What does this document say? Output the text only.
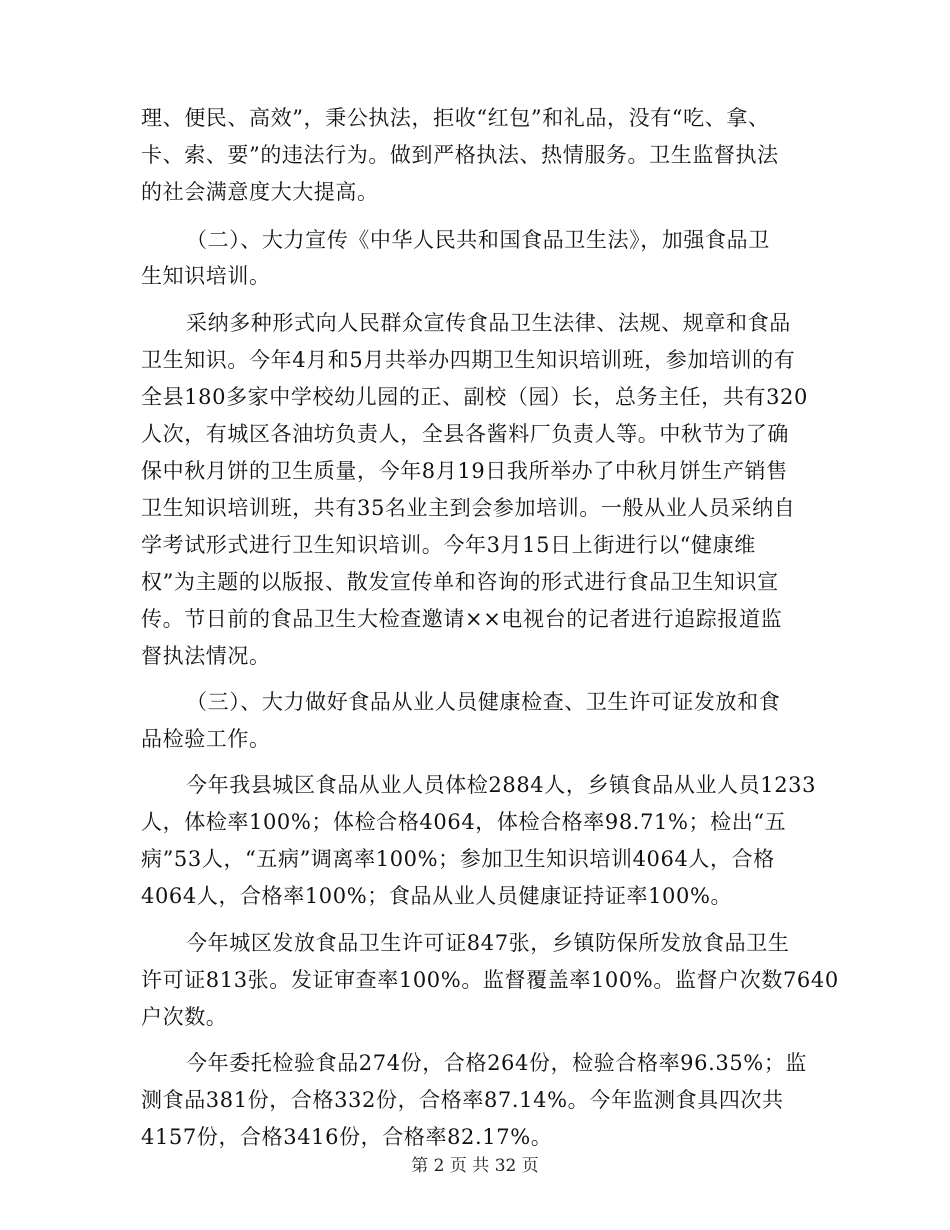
理、便民、高效”，秉公执法，拒收“红包”和礼品，没有“吃、拿、
卡、索、要”的违法行为。做到严格执法、热情服务。卫生监督执法
的社会满意度大大提高。
（二）、大力宣传《中华人民共和国食品卫生法》，加强食品卫
生知识培训。
采纳多种形式向人民群众宣传食品卫生法律、法规、规章和食品
卫生知识。今年4月和5月共举办四期卫生知识培训班，参加培训的有
全县180多家中学校幼儿园的正、副校（园）长，总务主任，共有320
人次，有城区各油坊负责人，全县各酱料厂负责人等。中秋节为了确
保中秋月饼的卫生质量，今年8月19日我所举办了中秋月饼生产销售
卫生知识培训班，共有35名业主到会参加培训。一般从业人员采纳自
学考试形式进行卫生知识培训。今年3月15日上街进行以“健康维
权”为主题的以版报、散发宣传单和咨询的形式进行食品卫生知识宣
传。节日前的食品卫生大检查邀请××电视台的记者进行追踪报道监
督执法情况。
（三）、大力做好食品从业人员健康检查、卫生许可证发放和食
品检验工作。
今年我县城区食品从业人员体检2884人，乡镇食品从业人员1233
人，体检率100%；体检合格4064，体检合格率98.71%；检出“五
病”53人，“五病”调离率100%；参加卫生知识培训4064人，合格
4064人，合格率100%；食品从业人员健康证持证率100%。
今年城区发放食品卫生许可证847张，乡镇防保所发放食品卫生
许可证813张。发证审查率100%。监督覆盖率100%。监督户次数7640
户次数。
今年委托检验食品274份，合格264份，检验合格率96.35%；监
测食品381份，合格332份，合格率87.14%。今年监测食具四次共
4157份，合格3416份，合格率82.17%。
第 2 页 共 32 页
